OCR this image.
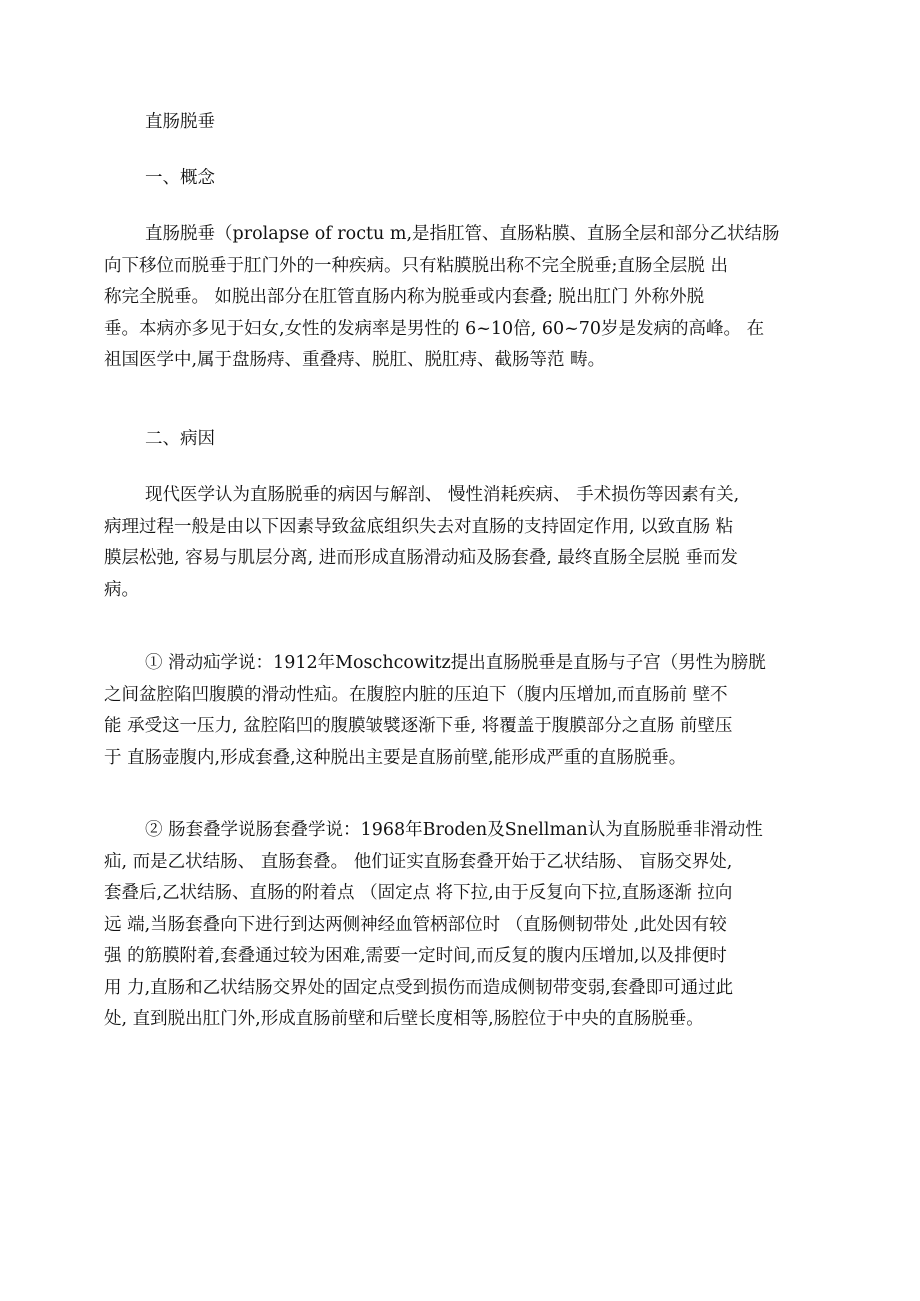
直肠脱垂
一、概念
直肠脱垂（prolapse of roctu m,是指肛管、直肠粘膜、直肠全层和部分乙状结肠
向下移位而脱垂于肛门外的一种疾病。只有粘膜脱出称不完全脱垂;直肠全层脱 出
称完全脱垂。 如脱出部分在肛管直肠内称为脱垂或内套叠; 脱出肛门 外称外脱
垂。本病亦多见于妇女,女性的发病率是男性的 6~10倍, 60~70岁是发病的高峰。 在
祖国医学中,属于盘肠痔、重叠痔、脱肛、脱肛痔、截肠等范 畴。
二、病因
现代医学认为直肠脱垂的病因与解剖、 慢性消耗疾病、 手术损伤等因素有关,
病理过程一般是由以下因素导致盆底组织失去对直肠的支持固定作用, 以致直肠 粘
膜层松弛, 容易与肌层分离, 进而形成直肠滑动疝及肠套叠, 最终直肠全层脱 垂而发
病。
① 滑动疝学说：1912年Moschcowitz提出直肠脱垂是直肠与子宫（男性为膀胱
之间盆腔陷凹腹膜的滑动性疝。在腹腔内脏的压迫下（腹内压增加,而直肠前 壁不
能 承受这一压力, 盆腔陷凹的腹膜皱襞逐渐下垂, 将覆盖于腹膜部分之直肠 前壁压
于 直肠壶腹内,形成套叠,这种脱出主要是直肠前壁,能形成严重的直肠脱垂。
② 肠套叠学说肠套叠学说：1968年Broden及Snellman认为直肠脱垂非滑动性
疝, 而是乙状结肠、 直肠套叠。 他们证实直肠套叠开始于乙状结肠、 盲肠交界处,
套叠后,乙状结肠、直肠的附着点 （固定点 将下拉,由于反复向下拉,直肠逐渐 拉向
远 端,当肠套叠向下进行到达两侧神经血管柄部位时 （直肠侧韧带处 ,此处因有较
强 的筋膜附着,套叠通过较为困难,需要一定时间,而反复的腹内压增加,以及排便时
用 力,直肠和乙状结肠交界处的固定点受到损伤而造成侧韧带变弱,套叠即可通过此
处, 直到脱出肛门外,形成直肠前壁和后壁长度相等,肠腔位于中央的直肠脱垂。
